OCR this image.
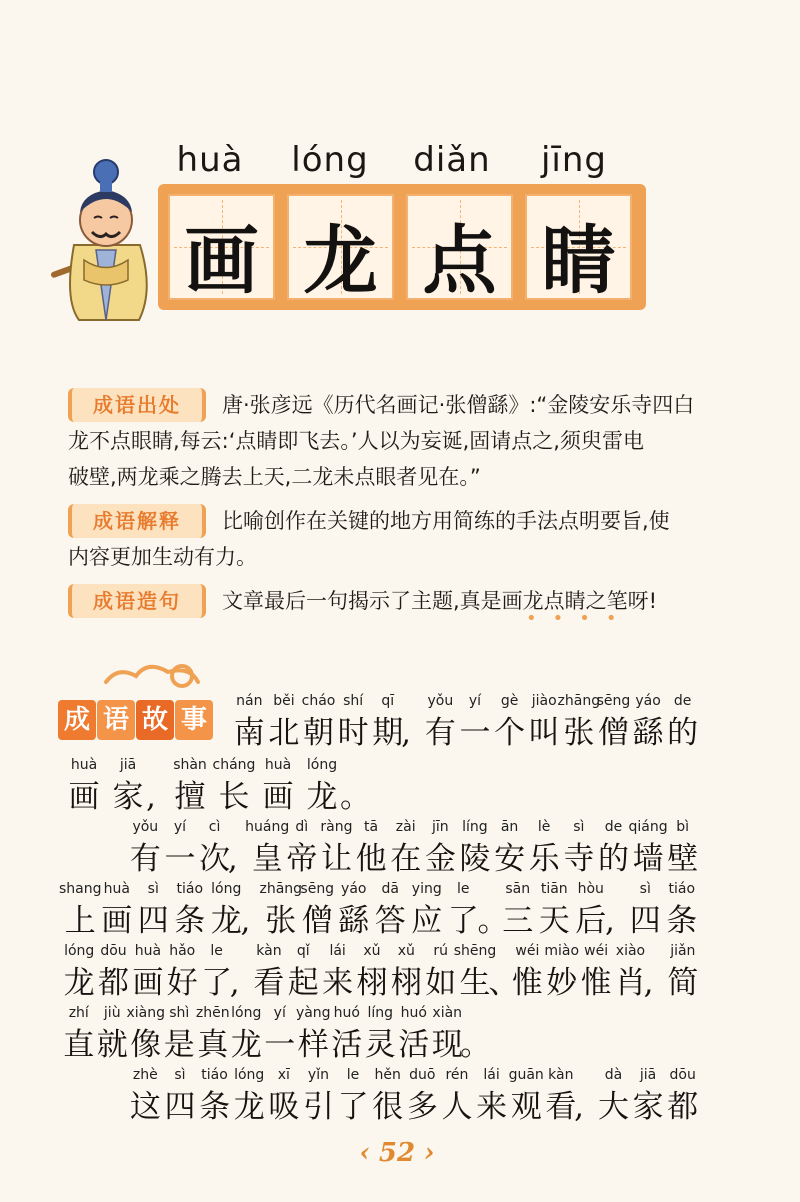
huà	lóng	diǎn	jīng
画 龙 点 睛
成语出处	唐·张彦远《历代名画记·张僧繇》:“金陵安乐寺四白
龙不点眼睛,每云:‘点睛即飞去。’人以为妄诞,固请点之,须臾雷电
破壁,两龙乘之腾去上天,二龙未点眼者见在。”
成语解释	比喻创作在关键的地方用简练的手法点明要旨,使
内容更加生动有力。
成语造句	文章最后一句揭示了主题,真是画龙点睛之笔呀!
••••
成 语 故 事
nán
南
běi
北
cháo
朝
shí
时
qī
期
,
yǒu
有
yí
一
gè
个
jiào
叫
zhāng
张
sēng
僧
yáo
繇
de
的
huà
画
jiā
家 ,
shàn
擅
cháng
长
huà
画
lóng
龙 。
yǒu
有
yí
一
cì
次
,
huáng
皇
dì
帝
ràng
让
tā
他
zài
在
jīn
金
líng
陵
ān
安
lè
乐
sì
寺
de
的
qiáng
墙
bì
壁
shang
上
huà
画
sì
四
tiáo
条
lóng
龙
,
zhāng
张
sēng
僧
yáo
繇
dā
答
ying
应
le
了
。
sān
三
tiān
天
hòu
后
,
sì
四
tiáo
条
lóng
龙
dōu
都
huà
画
hǎo
好
le
了
,
kàn
看
qǐ
起
lái
来
xǔ
栩
xǔ
栩
rú
如
shēng
生
、
wéi
惟
miào
妙
wéi
惟
xiào
肖
,
jiǎn
简
zhí
直
jiù
就
xiàng
像
shì
是
zhēn
真
lóng
龙
yí
一
yàng
样
huó
活
líng
灵
huó
活
xiàn
现
。
zhè
这
sì
四
tiáo
条
lóng
龙
xī
吸
yǐn
引
le
了
hěn
很
duō
多
rén
人
lái
来
guān
观
kàn
看
,
dà
大
jiā
家
dōu
都
‹ 52 ›
